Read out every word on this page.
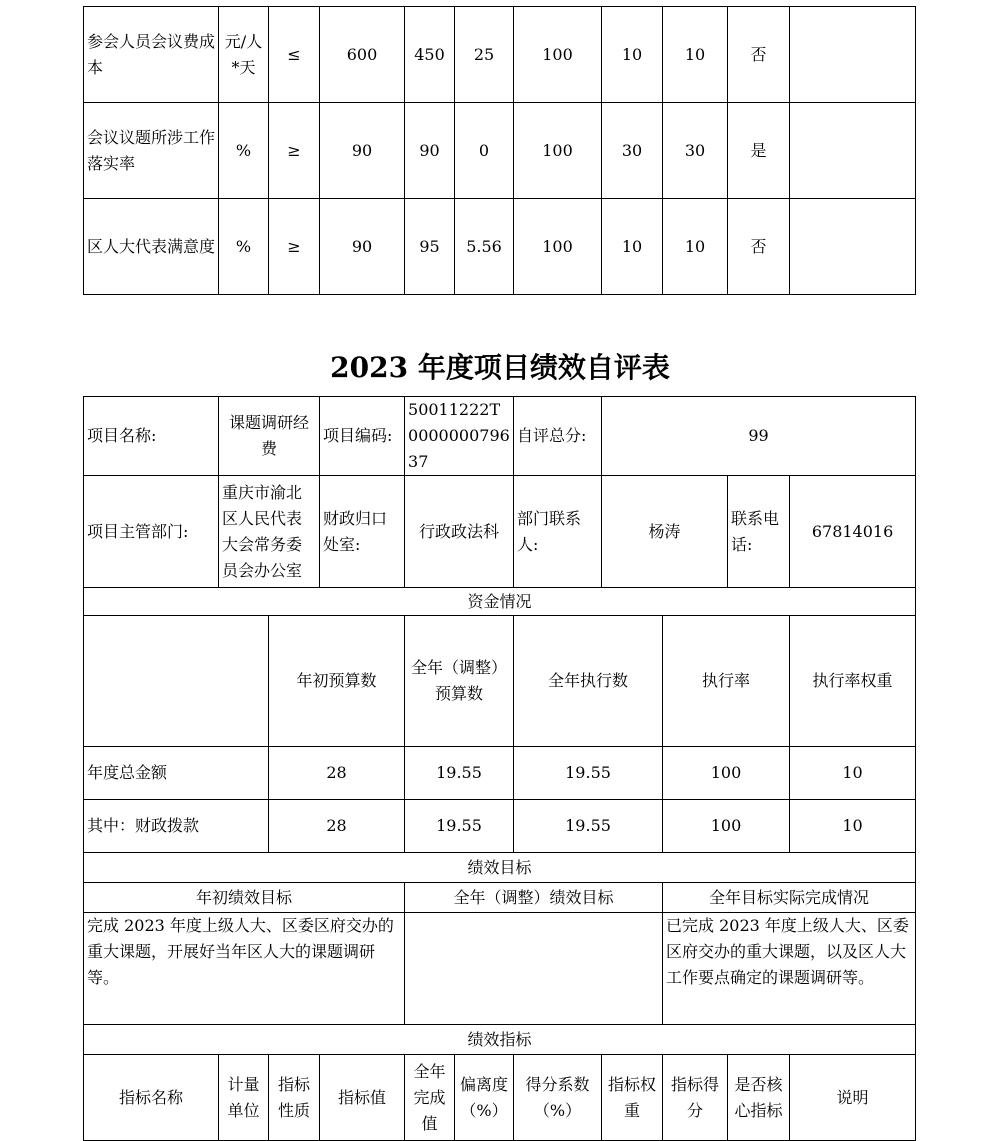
参会人员会议费成本	元/人*天	≤	600	450	25	100	10	10	否	
会议议题所涉工作落实率	%	≥	90	90	0	100	30	30	是	
区人大代表满意度	%	≥	90	95	5.56	100	10	10	否	
2023 年度项目绩效自评表
项目名称:	课题调研经费		项目编码:	50011222T000000079637		自评总分:	99				
项目主管部门:	重庆市渝北区人民代表大会常务委员会办公室		财政归口处室:	行政政法科		部门联系人:	杨涛		联系电话:	67814016	
资金情况											
		年初预算数		全年（调整）预算数		全年执行数		执行率		执行率权重	
年度总金额		28		19.55		19.55		100		10	
其中：财政拨款		28		19.55		19.55		100		10	
绩效目标											
年初绩效目标				全年（调整）绩效目标				全年目标实际完成情况			
完成 2023 年度上级人大、区委区府交办的重大课题，开展好当年区人大的课题调研等。								已完成 2023 年度上级人大、区委区府交办的重大课题，以及区人大工作要点确定的课题调研等。			
绩效指标											
指标名称	计量单位	指标性质	指标值	全年完成值	偏离度（%）	得分系数（%）	指标权重	指标得分	是否核心指标	说明	
